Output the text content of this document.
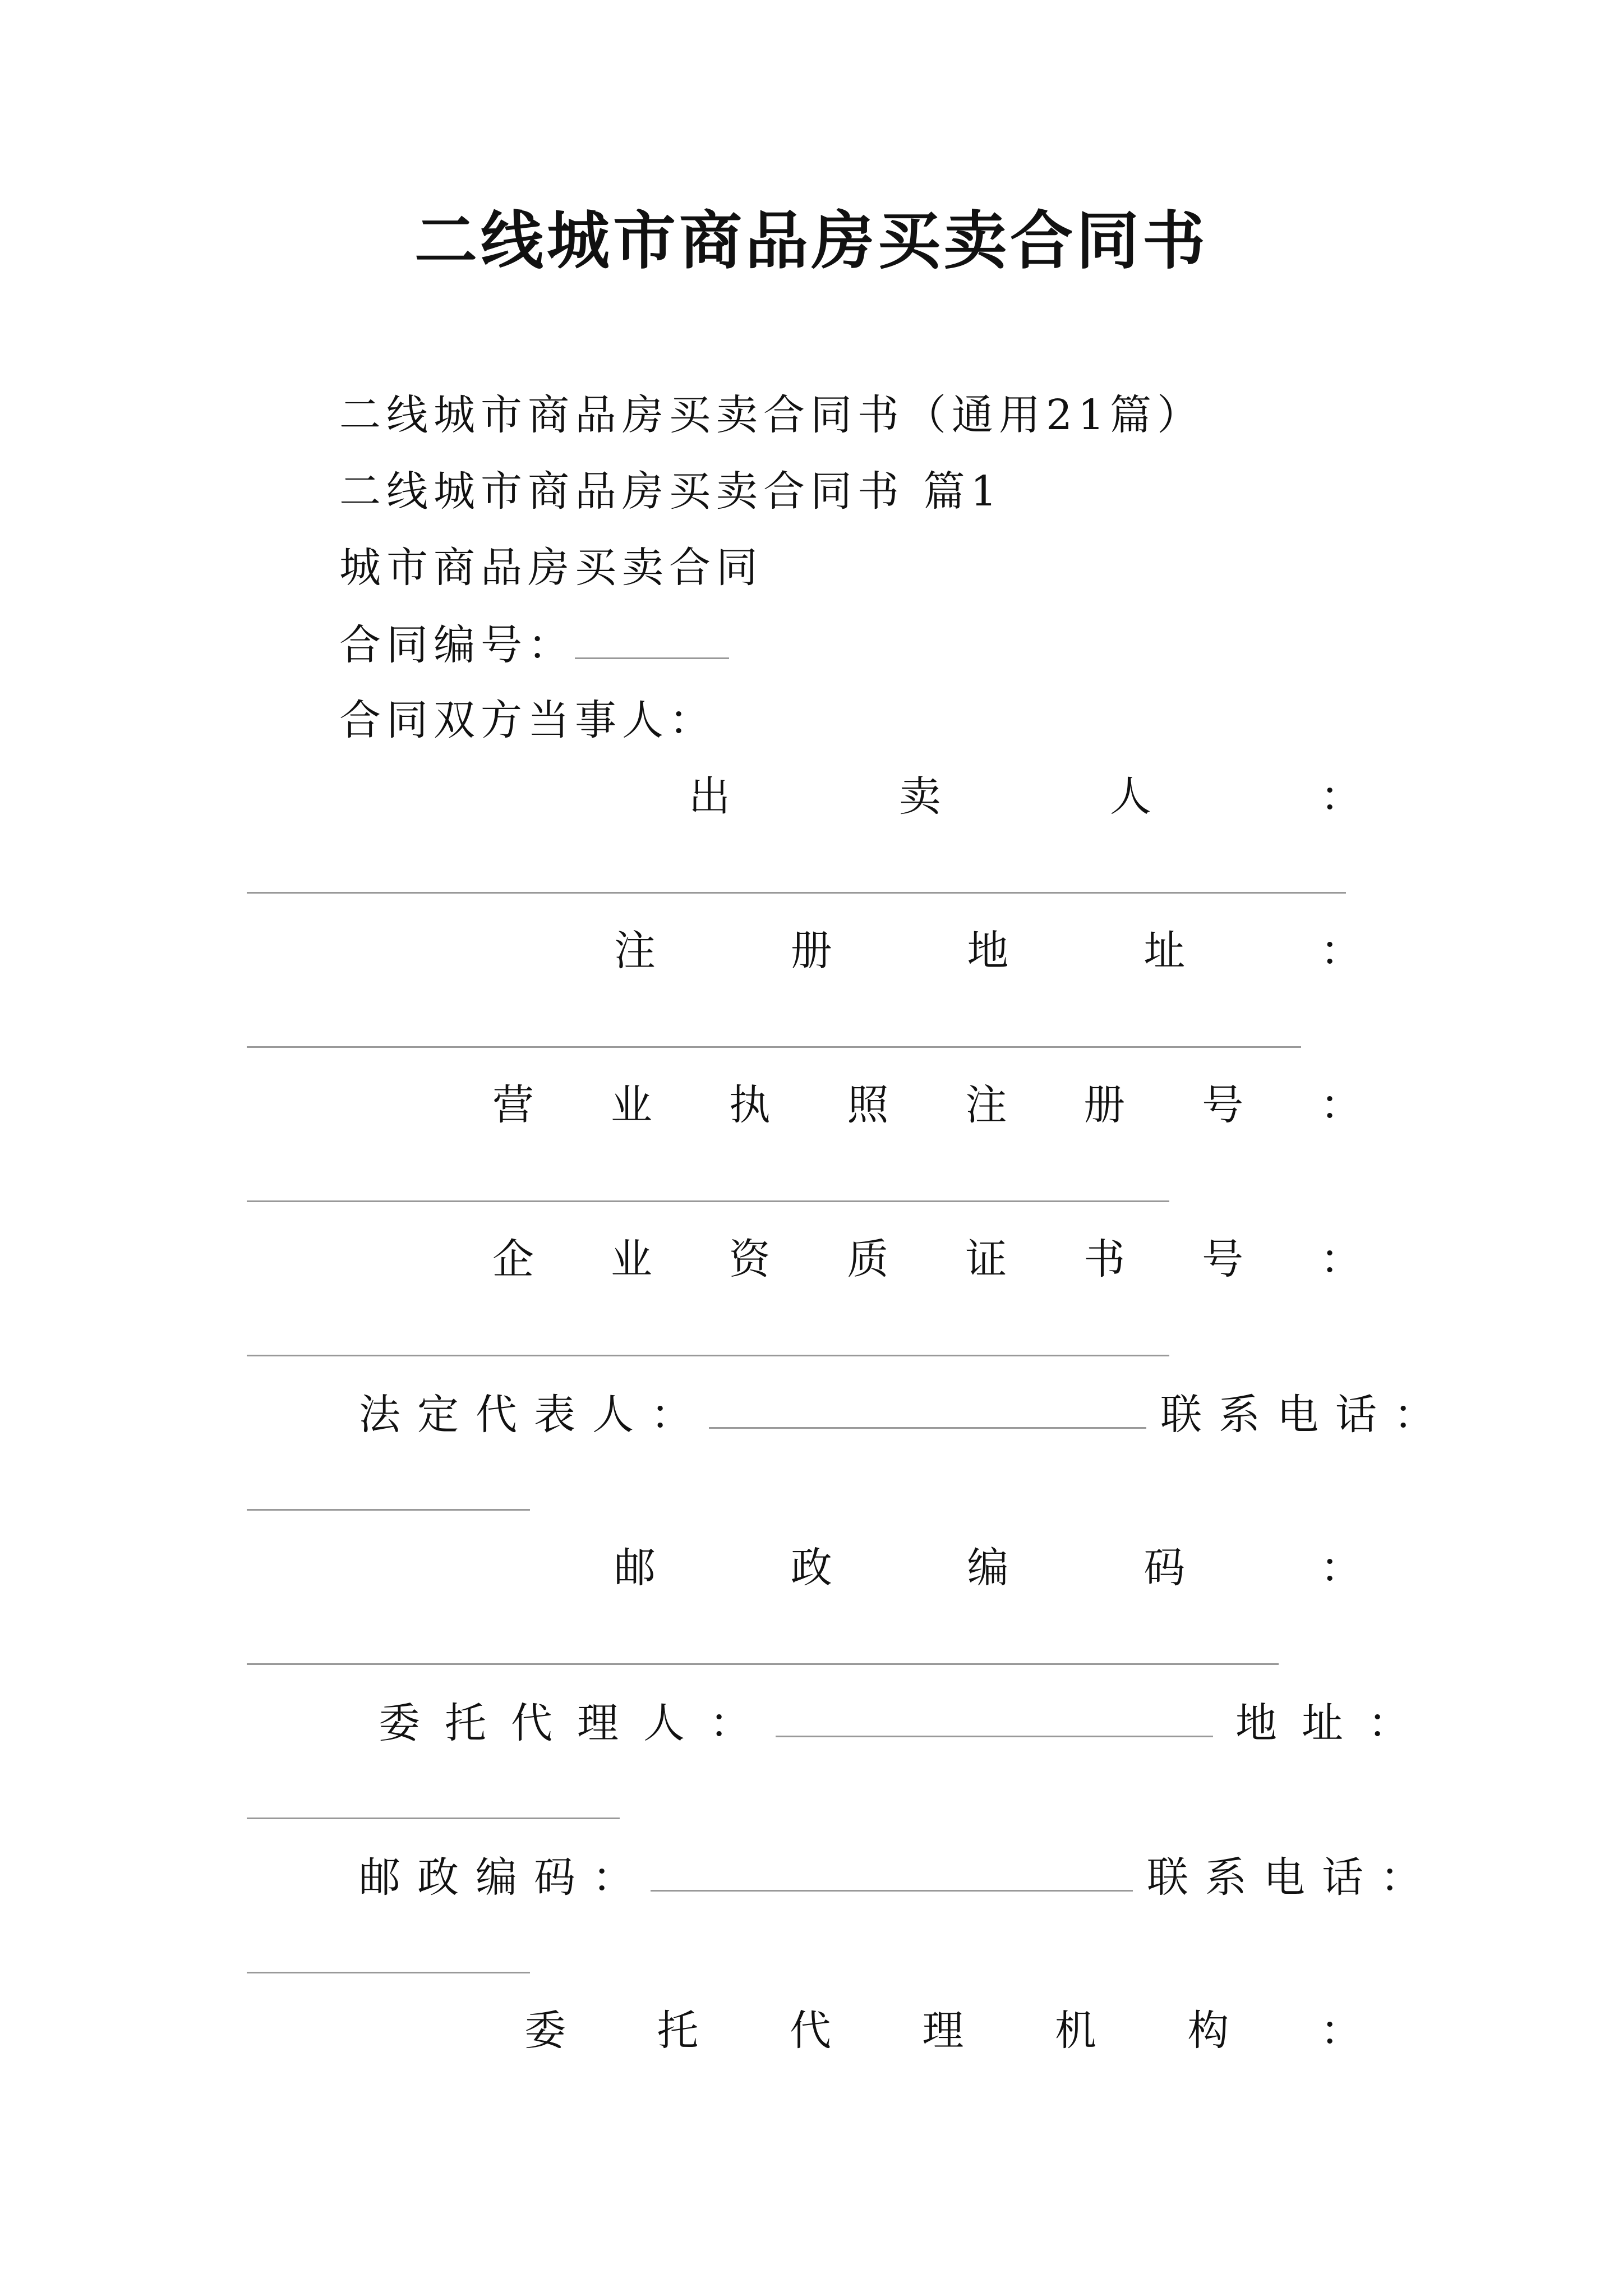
二线城市商品房买卖合同书
二线城市商品房买卖合同书（通用21篇）
二线城市商品房买卖合同书 篇1
城市商品房买卖合同
合同编号：
合同双方当事人：
出	卖	人	：
注	册	地	址	：
营 业 执 照 注 册 号 ：
企 业 资 质 证 书 号 ：
法定代表人：	联系电话：
邮	政	编	码	：
委托代理人：	地址：
邮政编码：	联系电话：
委 托 代 理 机 构 ：
